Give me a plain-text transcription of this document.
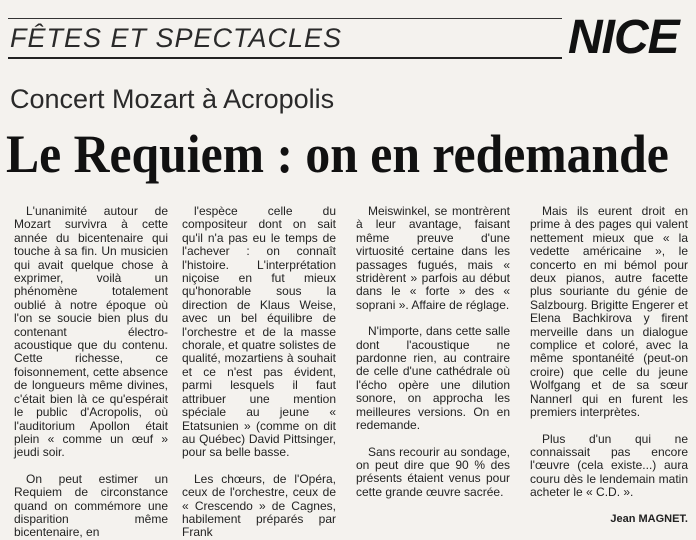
FÊTES ET SPECTACLES	NICE
Concert Mozart à Acropolis
Le Requiem : on en redemande

L'unanimité autour de Mozart survivra à cette année du bicentenaire qui touche à sa fin. Un musicien qui avait quelque chose à exprimer, voilà un phénomène totalement oublié à notre époque où l'on se soucie bien plus du contenant électro-acoustique que du contenu. Cette richesse, ce foisonnement, cette absence de longueurs même divines, c'était bien là ce qu'espérait le public d'Acropolis, où l'auditorium Apollon était plein « comme un œuf » jeudi soir.

On peut estimer un Requiem de circonstance quand on commémore une disparition même bicentenaire, en

l'espèce celle du compositeur dont on sait qu'il n'a pas eu le temps de l'achever : on connaît l'histoire. L'interprétation niçoise en fut mieux qu'honorable sous la direction de Klaus Weise, avec un bel équilibre de l'orchestre et de la masse chorale, et quatre solistes de qualité, mozartiens à souhait et ce n'est pas évident, parmi lesquels il faut attribuer une mention spéciale au jeune « Etatsunien » (comme on dit au Québec) David Pittsinger, pour sa belle basse.

Les chœurs, de l'Opéra, ceux de l'orchestre, ceux de « Crescendo » de Cagnes, habilement préparés par Frank

Meiswinkel, se montrèrent à leur avantage, faisant même preuve d'une virtuosité certaine dans les passages fugués, mais « stridèrent » parfois au début dans le « forte » des « soprani ». Affaire de réglage.

N'importe, dans cette salle dont l'acoustique ne pardonne rien, au contraire de celle d'une cathédrale où l'écho opère une dilution sonore, on approcha les meilleures versions. On en redemande.

Sans recourir au sondage, on peut dire que 90 % des présents étaient venus pour cette grande œuvre sacrée.

Mais ils eurent droit en prime à des pages qui valent nettement mieux que « la vedette américaine », le concerto en mi bémol pour deux pianos, autre facette plus souriante du génie de Salzbourg. Brigitte Engerer et Elena Bachkirova y firent merveille dans un dialogue complice et coloré, avec la même spontanéité (peut-on croire) que celle du jeune Wolfgang et de sa sœur Nannerl qui en furent les premiers interprètes.

Plus d'un qui ne connaissait pas encore l'œuvre (cela existe...) aura couru dès le lendemain matin acheter le « C.D. ».

Jean MAGNET.
